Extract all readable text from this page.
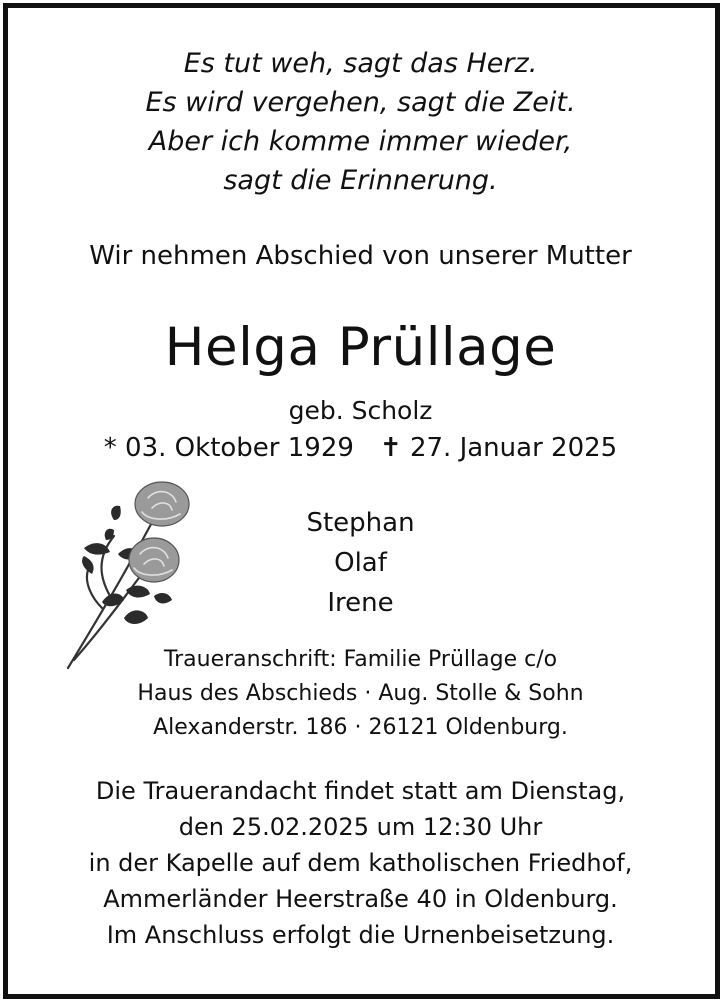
Es tut weh, sagt das Herz.
Es wird vergehen, sagt die Zeit.
Aber ich komme immer wieder,
sagt die Erinnerung.
Wir nehmen Abschied von unserer Mutter
Helga Prüllage
geb. Scholz
* 03. Oktober 1929 ✝ 27. Januar 2025
Stephan
Olaf
Irene
Traueranschrift: Familie Prüllage c/o
Haus des Abschieds · Aug. Stolle & Sohn
Alexanderstr. 186 · 26121 Oldenburg.
Die Trauerandacht findet statt am Dienstag,
den 25.02.2025 um 12:30 Uhr
in der Kapelle auf dem katholischen Friedhof,
Ammerländer Heerstraße 40 in Oldenburg.
Im Anschluss erfolgt die Urnenbeisetzung.
